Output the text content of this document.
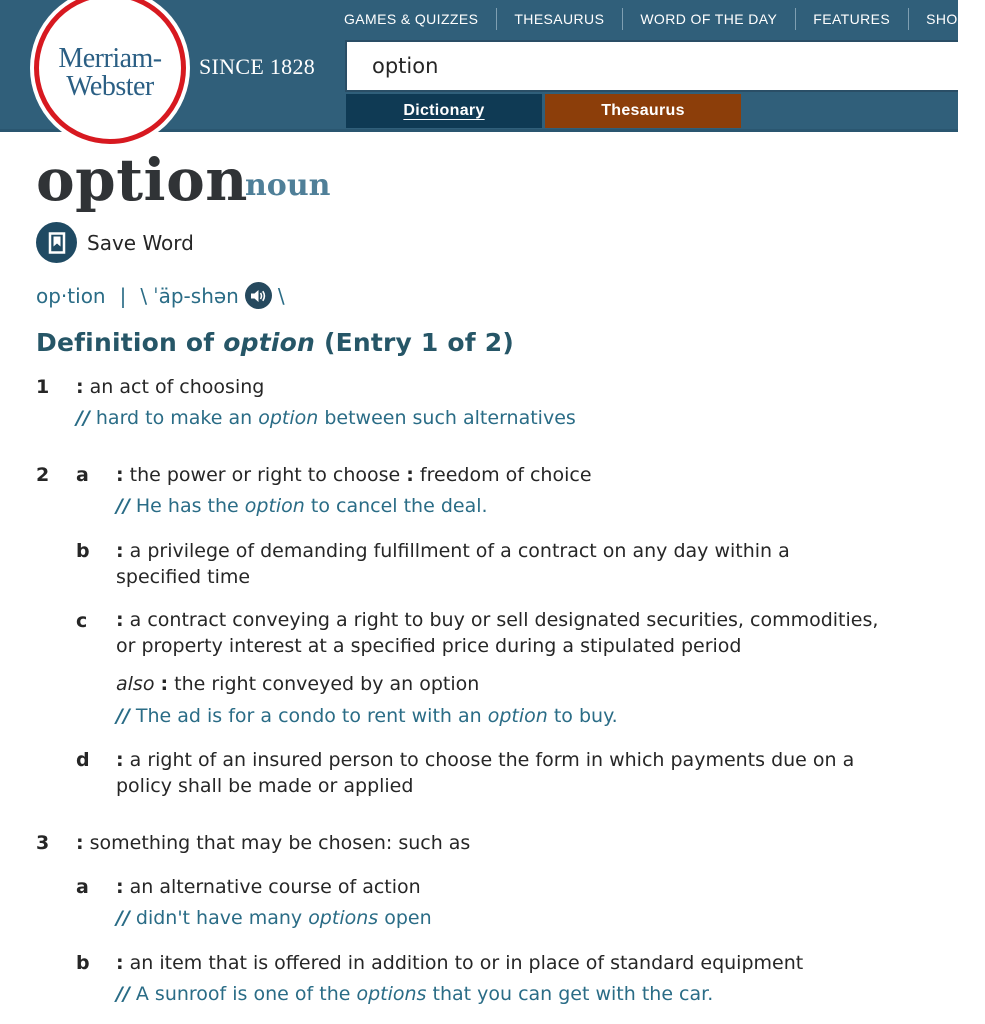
Merriam-
Webster
SINCE 1828
GAMES & QUIZZES	THESAURUS	WORD OF THE DAY	FEATURES	SHOP
option
Dictionary	Thesaurus
option
noun
Save Word
op·tion | \ ˈäp-shən \
Definition of option (Entry 1 of 2)
1 : an act of choosing
// hard to make an option between such alternatives
2 a : the power or right to choose : freedom of choice
// He has the option to cancel the deal.
b : a privilege of demanding fulfillment of a contract on any day within a
specified time
c : a contract conveying a right to buy or sell designated securities, commodities,
or property interest at a specified price during a stipulated period
also : the right conveyed by an option
// The ad is for a condo to rent with an option to buy.
d : a right of an insured person to choose the form in which payments due on a
policy shall be made or applied
3 : something that may be chosen: such as
a : an alternative course of action
// didn't have many options open
b : an item that is offered in addition to or in place of standard equipment
// A sunroof is one of the options that you can get with the car.
